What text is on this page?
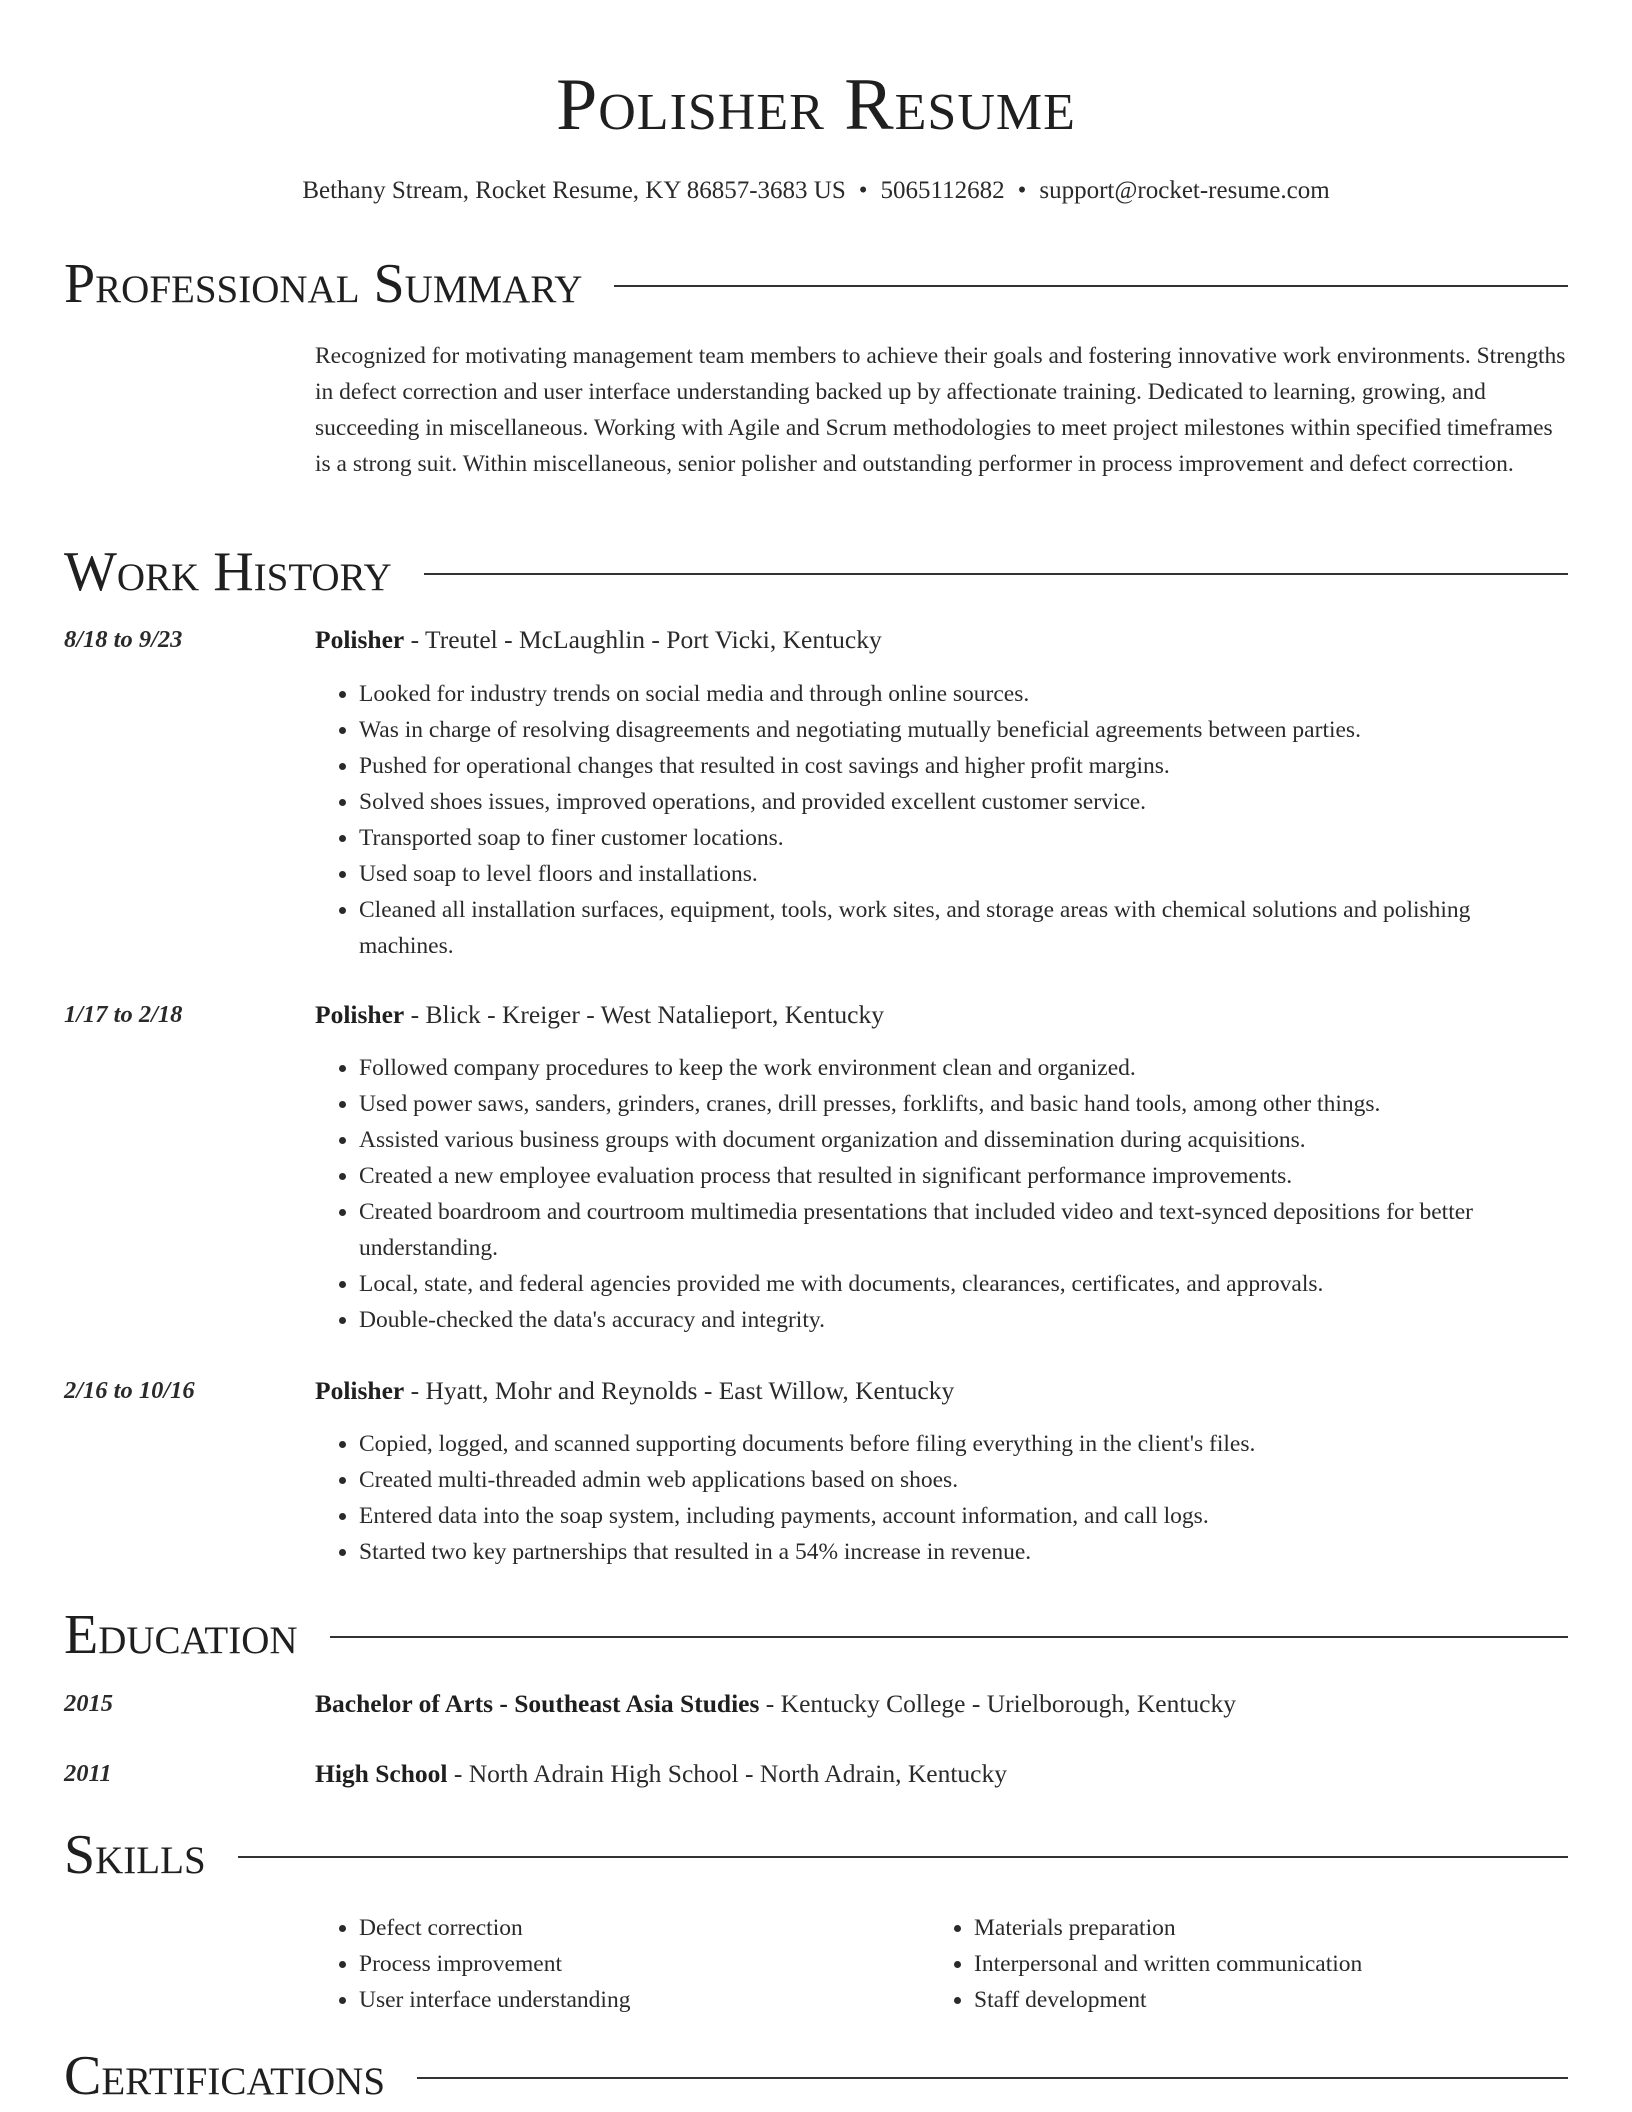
Polisher Resume
Bethany Stream, Rocket Resume, KY 86857-3683 US • 5065112682 • support@rocket-resume.com
Professional Summary

Recognized for motivating management team members to achieve their goals and fostering innovative work environments. Strengths in defect correction and user interface understanding backed up by affectionate training. Dedicated to learning, growing, and succeeding in miscellaneous. Working with Agile and Scrum methodologies to meet project milestones within specified timeframes is a strong suit. Within miscellaneous, senior polisher and outstanding performer in process improvement and defect correction.

Work History
8/18 to 9/23	Polisher - Treutel - McLaughlin - Port Vicki, Kentucky
• Looked for industry trends on social media and through online sources.
• Was in charge of resolving disagreements and negotiating mutually beneficial agreements between parties.
• Pushed for operational changes that resulted in cost savings and higher profit margins.
• Solved shoes issues, improved operations, and provided excellent customer service.
• Transported soap to finer customer locations.
• Used soap to level floors and installations.
• Cleaned all installation surfaces, equipment, tools, work sites, and storage areas with chemical solutions and polishing machines.
1/17 to 2/18	Polisher - Blick - Kreiger - West Natalieport, Kentucky
• Followed company procedures to keep the work environment clean and organized.
• Used power saws, sanders, grinders, cranes, drill presses, forklifts, and basic hand tools, among other things.
• Assisted various business groups with document organization and dissemination during acquisitions.
• Created a new employee evaluation process that resulted in significant performance improvements.
• Created boardroom and courtroom multimedia presentations that included video and text-synced depositions for better understanding.
• Local, state, and federal agencies provided me with documents, clearances, certificates, and approvals.
• Double-checked the data's accuracy and integrity.
2/16 to 10/16	Polisher - Hyatt, Mohr and Reynolds - East Willow, Kentucky
• Copied, logged, and scanned supporting documents before filing everything in the client's files.
• Created multi-threaded admin web applications based on shoes.
• Entered data into the soap system, including payments, account information, and call logs.
• Started two key partnerships that resulted in a 54% increase in revenue.
Education
2015	Bachelor of Arts - Southeast Asia Studies - Kentucky College - Urielborough, Kentucky
2011	High School - North Adrain High School - North Adrain, Kentucky
Skills
• Defect correction
• Process improvement
• User interface understanding
• Materials preparation
• Interpersonal and written communication
• Staff development
Certifications
